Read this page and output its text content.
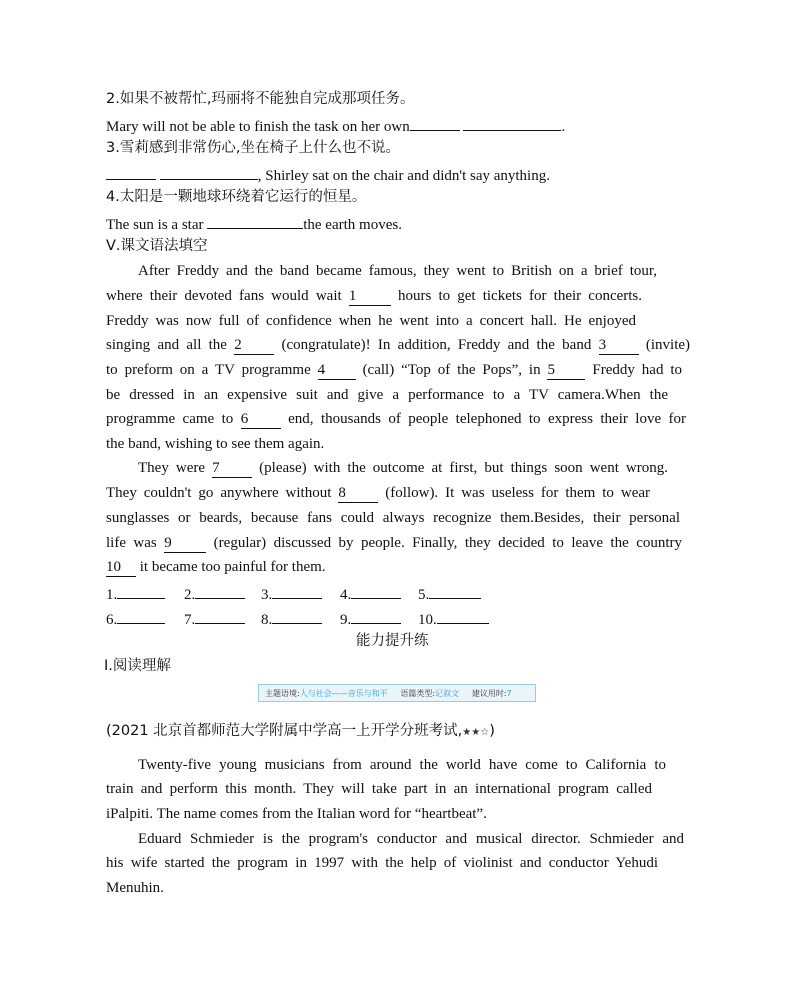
2.如果不被帮忙,玛丽将不能独自完成那项任务。
Mary will not be able to finish the task on her own	.
3.雪莉感到非常伤心,坐在椅子上什么也不说。
, Shirley sat on the chair and didn't say anything.
4.太阳是一颗地球环绕着它运行的恒星。
The sun is a star	the earth moves.
Ⅴ.课文语法填空
After Freddy and the band became famous, they went to British on a brief tour,
where their devoted fans would wait 1	hours to get tickets for their concerts.
Freddy was now full of confidence when he went into a concert hall. He enjoyed
singing and all the 2	(congratulate)! In addition, Freddy and the band 3	(invite)
to preform on a TV programme 4 (call) “Top of the Pops”, in 5 Freddy had to
be dressed in an expensive suit and give a performance to a TV camera.When the
programme came to 6	end, thousands of people telephoned to express their love for
the band, wishing to see them again.
They were 7	(please) with the outcome at first, but things soon went wrong.
They couldn't go anywhere without 8	(follow). It was useless for them to wear
sunglasses or beards, because fans could always recognize them.Besides, their personal
life was 9	(regular) discussed by people. Finally, they decided to leave the country
10 it became too painful for them.
1.	2.	3.	4.	5.
6.	7.	8.	9.	10.
能力提升练
Ⅰ.阅读理解
主题语境:人与社会——音乐与和平 语篇类型:记叙文 建议用时:7
(2021 北京首都师范大学附属中学高一上开学分班考试,★★☆)
Twenty-five young musicians from around the world have come to California to
train and perform this month. They will take part in an international program called
iPalpiti. The name comes from the Italian word for “heartbeat”.
Eduard Schmieder is the program's conductor and musical director. Schmieder and
his wife started the program in 1997 with the help of violinist and conductor Yehudi
Menuhin.
